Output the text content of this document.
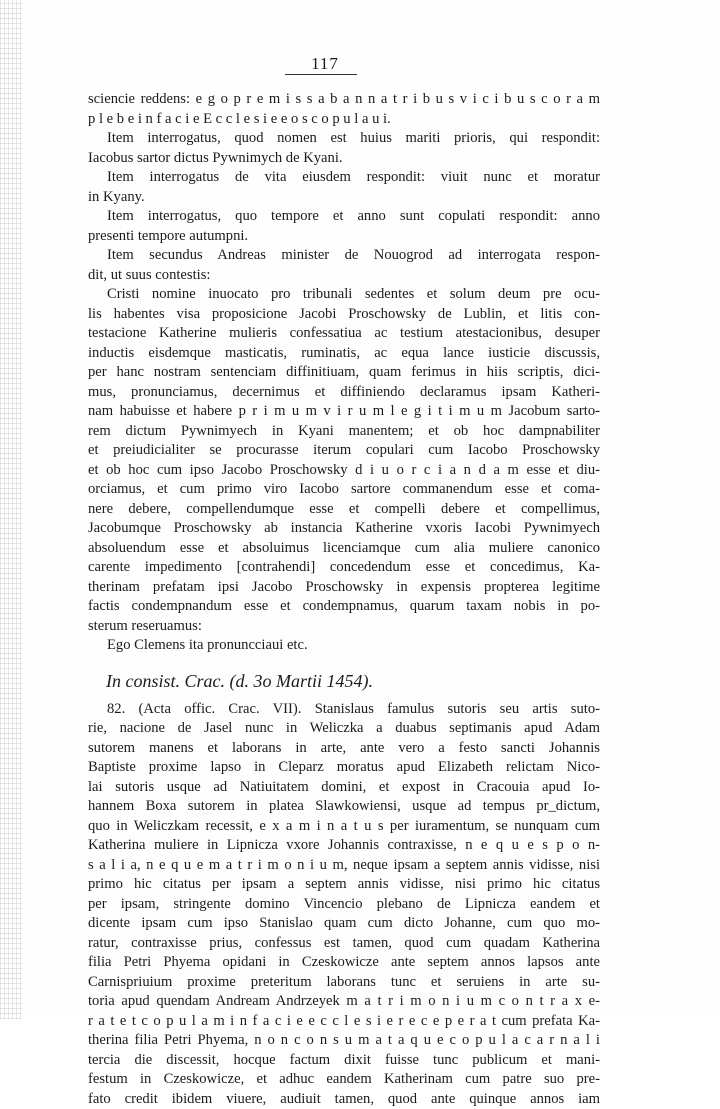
117
sciencie reddens: e g o p r e m i s s a b a n n a t r i b u s v i c i b u s c o r a m
p l e b e i n f a c i e E c c l e s i e e o s c o p u l a u i.
Item interrogatus, quod nomen est huius mariti prioris, qui respondit:
Iacobus sartor dictus Pywnimych de Kyani.
Item interrogatus de vita eiusdem respondit: viuit nunc et moratur
in Kyany.
Item interrogatus, quo tempore et anno sunt copulati respondit: anno
presenti tempore autumpni.
Item secundus Andreas minister de Nouogrod ad interrogata respon-
dit, ut suus contestis:
Cristi nomine inuocato pro tribunali sedentes et solum deum pre ocu-
lis habentes visa proposicione Jacobi Proschowsky de Lublin, et litis con-
testacione Katherine mulieris confessatiua ac testium atestacionibus, desuper
inductis eisdemque masticatis, ruminatis, ac equa lance iusticie discussis,
per hanc nostram sentenciam diffinitiuam, quam ferimus in hiis scriptis, dici-
mus, pronunciamus, decernimus et diffiniendo declaramus ipsam Katheri-
nam habuisse et habere p r i m u m v i r u m l e g i t i m u m Jacobum sarto-
rem dictum Pywnimyech in Kyani manentem; et ob hoc dampnabiliter
et preiudicialiter se procurasse iterum copulari cum Iacobo Proschowsky
et ob hoc cum ipso Jacobo Proschowsky d i u o r c i a n d a m esse et diu-
orciamus, et cum primo viro Iacobo sartore commanendum esse et coma-
nere debere, compellendumque esse et compelli debere et compellimus,
Jacobumque Proschowsky ab instancia Katherine vxoris Iacobi Pywnimyech
absoluendum esse et absoluimus licenciamque cum alia muliere canonico
carente impedimento [contrahendi] concedendum esse et concedimus, Ka-
therinam prefatam ipsi Jacobo Proschowsky in expensis propterea legitime
factis condempnandum esse et condempnamus, quarum taxam nobis in po-
sterum reseruamus:
Ego Clemens ita pronuncciaui etc.
In consist. Crac. (d. 3o Martii 1454).
82. (Acta offic. Crac. VII). Stanislaus famulus sutoris seu artis suto-
rie, nacione de Jasel nunc in Weliczka a duabus septimanis apud Adam
sutorem manens et laborans in arte, ante vero a festo sancti Johannis
Baptiste proxime lapso in Cleparz moratus apud Elizabeth relictam Nico-
lai sutoris usque ad Natiuitatem domini, et expost in Cracouia apud Io-
hannem Boxa sutorem in platea Slawkowiensi, usque ad tempus pr_dictum,
quo in Weliczkam recessit, e x a m i n a t u s per iuramentum, se nunquam cum
Katherina muliere in Lipnicza vxore Johannis contraxisse, n e q u e s p o n-
s a l i a, n e q u e m a t r i m o n i u m, neque ipsam a septem annis vidisse, nisi
primo hic citatus per ipsam a septem annis vidisse, nisi primo hic citatus
per ipsam, stringente domino Vincencio plebano de Lipnicza eandem et
dicente ipsam cum ipso Stanislao quam cum dicto Johanne, cum quo mo-
ratur, contraxisse prius, confessus est tamen, quod cum quadam Katherina
filia Petri Phyema opidani in Czeskowicze ante septem annos lapsos ante
Carnispriuium proxime preteritum laborans tunc et seruiens in arte su-
toria apud quendam Andream Andrzeyek m a t r i m o n i u m c o n t r a x e-
r a t e t c o p u l a m i n f a c i e e c c l e s i e r e c e p e r a t cum prefata Ka-
therina filia Petri Phyema, n o n c o n s u m a t a q u e c o p u l a c a r n a l i
tercia die discessit, hocque factum dixit fuisse tunc publicum et mani-
festum in Czeskowicze, et adhuc eandem Katherinam cum patre suo pre-
fato credit ibidem viuere, audiuit tamen, quod ante quinque annos iam
